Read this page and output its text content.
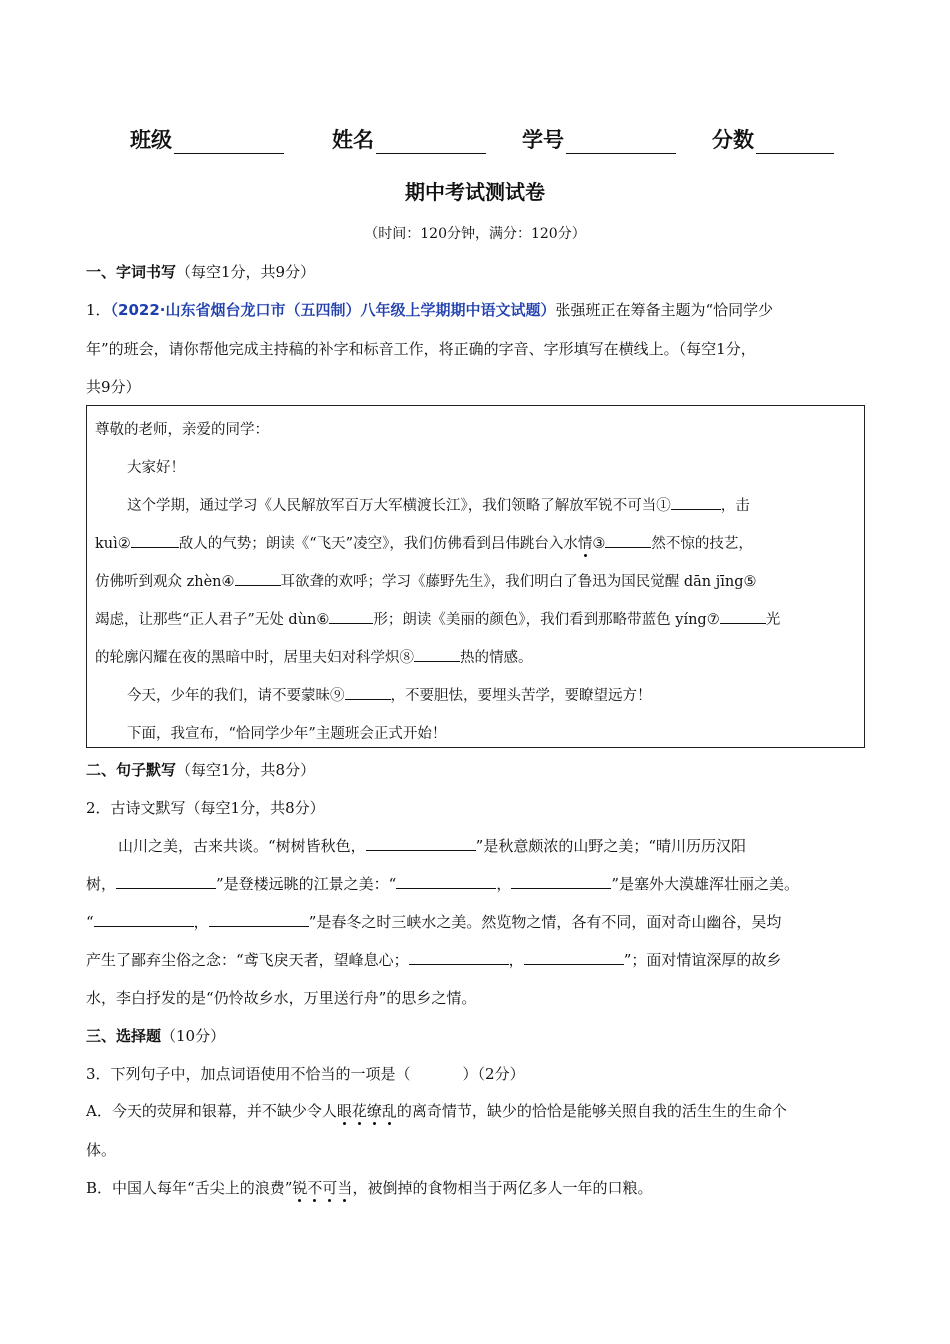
班级	姓名	学号	分数
期中考试测试卷
（时间：120分钟，满分：120分）
一、字词书写（每空1分，共9分）
1．（2022·山东省烟台龙口市（五四制）八年级上学期期中语文试题）张强班正在筹备主题为“恰同学少
年”的班会，请你帮他完成主持稿的补字和标音工作，将正确的字音、字形填写在横线上。（每空1分，
共9分）
尊敬的老师，亲爱的同学：
大家好！
这个学期，通过学习《人民解放军百万大军横渡长江》，我们领略了解放军锐不可当①	，击
kuì②	敌人的气势；朗读《“飞天”凌空》，我们仿佛看到吕伟跳台入水情③	然不惊的技艺，
仿佛听到观众 zhèn④	耳欲聋的欢呼；学习《藤野先生》，我们明白了鲁迅为国民觉醒 dān jīng⑤
竭虑，让那些“正人君子”无处 dùn⑥	形；朗读《美丽的颜色》，我们看到那略带蓝色 yíng⑦	光
的轮廓闪耀在夜的黑暗中时，居里夫妇对科学炽⑧	热的情感。
今天，少年的我们，请不要蒙昧⑨	，不要胆怯，要埋头苦学，要瞭望远方！
下面，我宣布，“恰同学少年”主题班会正式开始！
二、句子默写（每空1分，共8分）
2．古诗文默写（每空1分，共8分）
山川之美，古来共谈。“树树皆秋色，	”是秋意颇浓的山野之美；“晴川历历汉阳
树，	”是登楼远眺的江景之美：“	，	”是塞外大漠雄浑壮丽之美。
“	，	”是春冬之时三峡水之美。然览物之情，各有不同，面对奇山幽谷，吴均
产生了鄙弃尘俗之念：“鸢飞戾天者，望峰息心；	，	”；面对情谊深厚的故乡
水，李白抒发的是“仍怜故乡水，万里送行舟”的思乡之情。
三、选择题（10分）
3．下列句子中，加点词语使用不恰当的一项是（	）（2分）
A．今天的荧屏和银幕，并不缺少令人眼花缭乱的离奇情节，缺少的恰恰是能够关照自我的活生生的生命个
体。
B．中国人每年“舌尖上的浪费”锐不可当，被倒掉的食物相当于两亿多人一年的口粮。
